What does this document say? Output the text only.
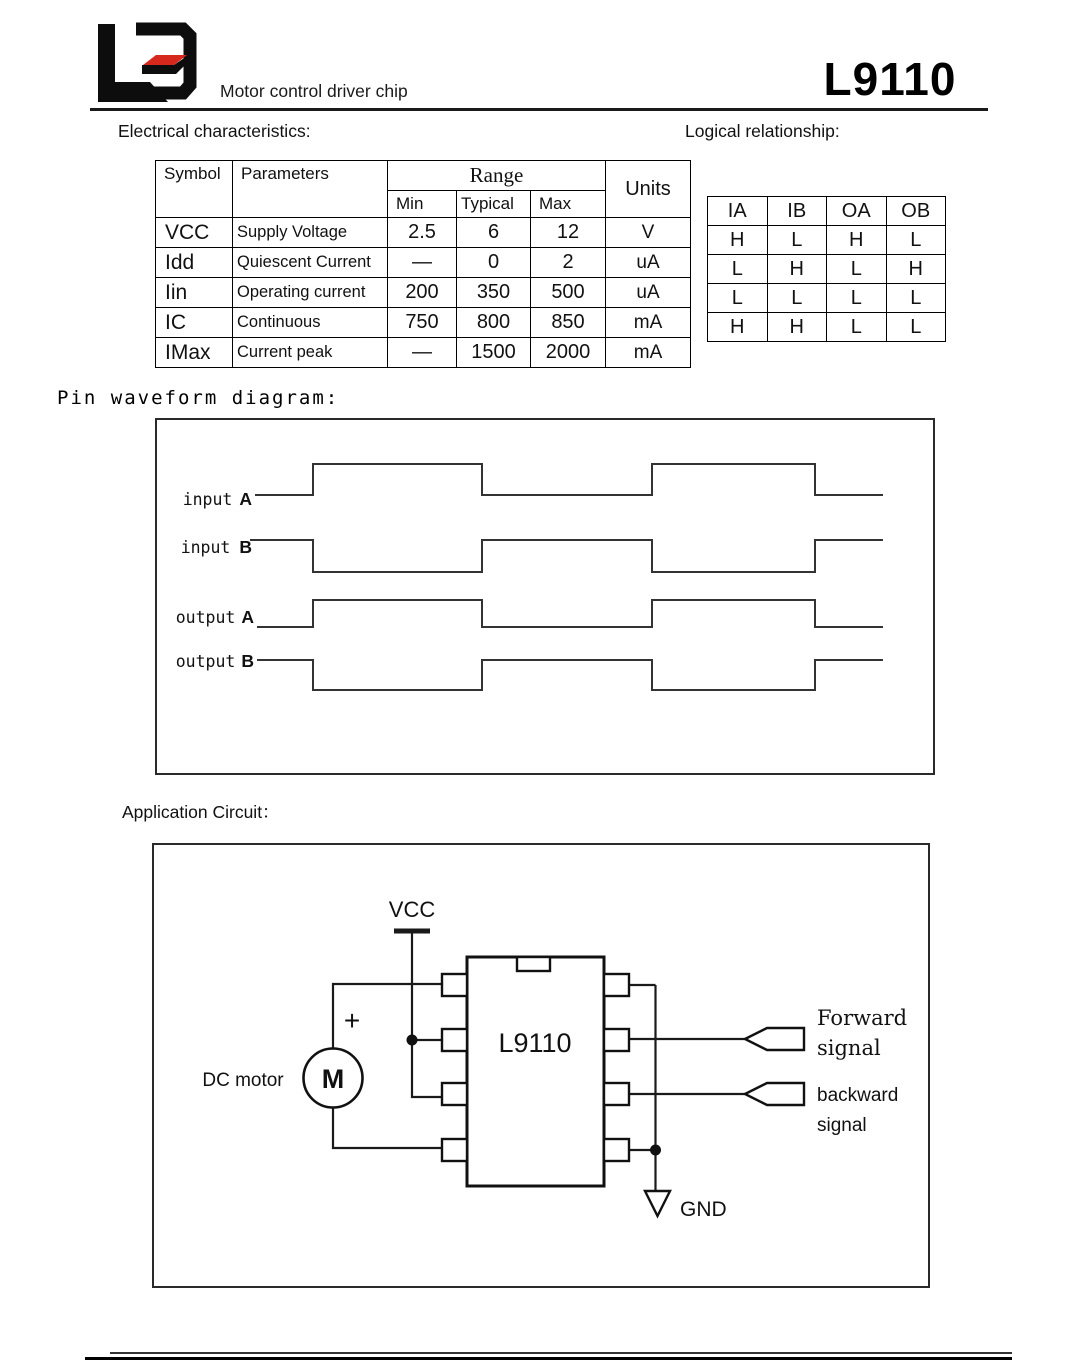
Motor control driver chip	L9110
Electrical characteristics:	Logical relationship:
Symbol	Parameters	Range			Units
		Min	Typical	Max	
VCC	Supply Voltage	2.5	6	12	V
Idd	Quiescent Current	—	0	2	uA
Iin	Operating current	200	350	500	uA
IC	Continuous	750	800	850	mA
IMax	Current peak	—	1500	2000	mA
IA	IB	OA	OB
H	L	H	L
L	H	L	H
L	L	L	L
H	H	L	L
Pin waveform diagram:
input A
input B
output A
output B
Application Circuit：
M
DC motor
+
VCC
L9110
Forward
signal
backward
signal
GND
